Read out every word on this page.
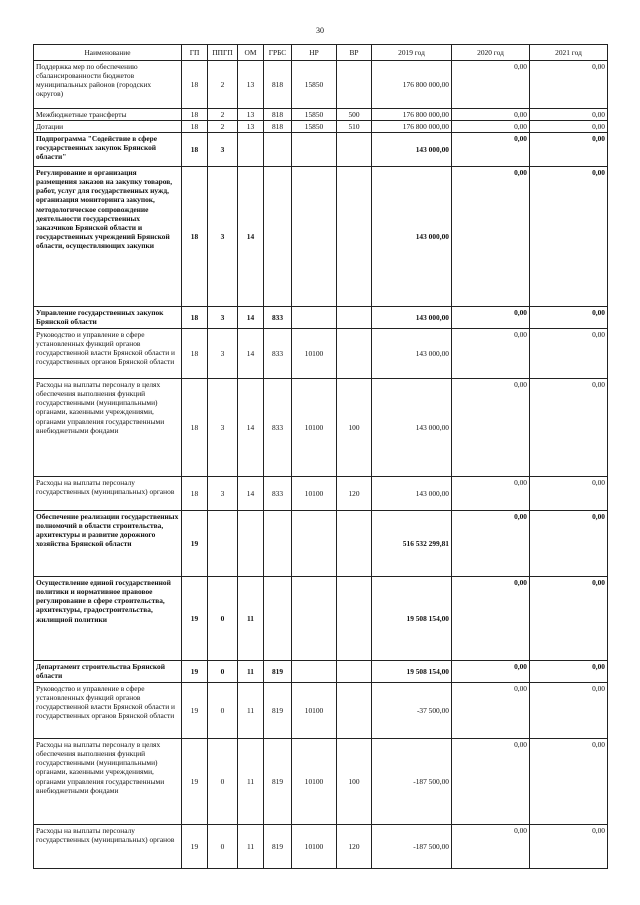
30
Наименование	ГП	ППГП	ОМ	ГРБС	НР	ВР	2019 год	2020 год	2021 год
Поддержка мер по обеспечению сбалансированности бюджетов муниципальных районов (городских округов)	18	2	13	818	15850		176 800 000,00	0,00	0,00
Межбюджетные трансферты	18	2	13	818	15850	500	176 800 000,00	0,00	0,00
Дотации	18	2	13	818	15850	510	176 800 000,00	0,00	0,00
Подпрограмма "Содействие в сфере государственных закупок Брянской области"	18	3					143 000,00	0,00	0,00
Регулирование и организация размещения заказов на закупку товаров, работ, услуг для государственных нужд, организация мониторинга закупок, методологическое сопровождение деятельности государственных заказчиков Брянской области и государственных учреждений Брянской области, осуществляющих закупки	18	3	14				143 000,00	0,00	0,00
Управление государственных закупок Брянской области	18	3	14	833			143 000,00	0,00	0,00
Руководство и управление в сфере установленных функций органов государственной власти Брянской области и государственных органов Брянской области	18	3	14	833	10100		143 000,00	0,00	0,00
Расходы на выплаты персоналу в целях обеспечения выполнения функций государственными (муниципальными) органами, казенными учреждениями, органами управления государственными внебюджетными фондами	18	3	14	833	10100	100	143 000,00	0,00	0,00
Расходы на выплаты персоналу государственных (муниципальных) органов	18	3	14	833	10100	120	143 000,00	0,00	0,00
Обеспечение реализации государственных полномочий в области строительства, архитектуры и развитие дорожного хозяйства Брянской области	19						516 532 299,81	0,00	0,00
Осуществление единой государственной политики и нормативное правовое регулирование в сфере строительства, архитектуры, градостроительства, жилищной политики	19	0	11				19 508 154,00	0,00	0,00
Департамент строительства Брянской области	19	0	11	819			19 508 154,00	0,00	0,00
Руководство и управление в сфере установленных функций органов государственной власти Брянской области и государственных органов Брянской области	19	0	11	819	10100		-37 500,00	0,00	0,00
Расходы на выплаты персоналу в целях обеспечения выполнения функций государственными (муниципальными) органами, казенными учреждениями, органами управления государственными внебюджетными фондами	19	0	11	819	10100	100	-187 500,00	0,00	0,00
Расходы на выплаты персоналу государственных (муниципальных) органов	19	0	11	819	10100	120	-187 500,00	0,00	0,00
